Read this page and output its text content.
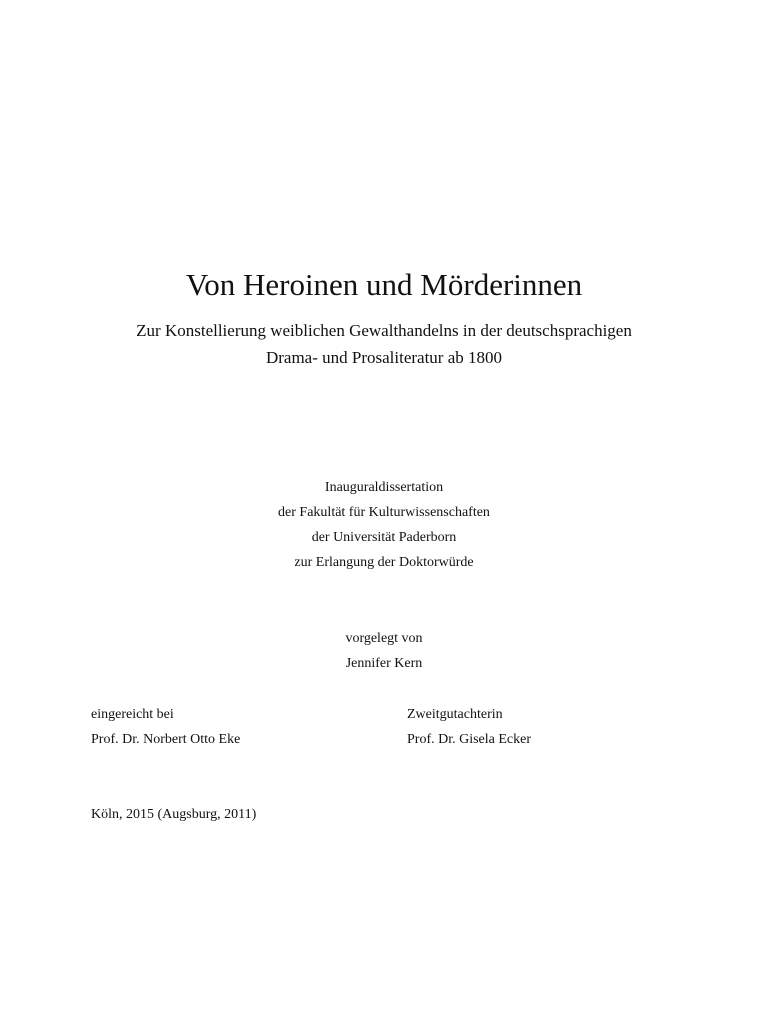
Von Heroinen und Mörderinnen
Zur Konstellierung weiblichen Gewalthandelns in der deutschsprachigen
Drama- und Prosaliteratur ab 1800
Inauguraldissertation
der Fakultät für Kulturwissenschaften
der Universität Paderborn
zur Erlangung der Doktorwürde
vorgelegt von
Jennifer Kern
eingereicht bei
Prof. Dr. Norbert Otto Eke
Zweitgutachterin
Prof. Dr. Gisela Ecker
Köln, 2015 (Augsburg, 2011)
